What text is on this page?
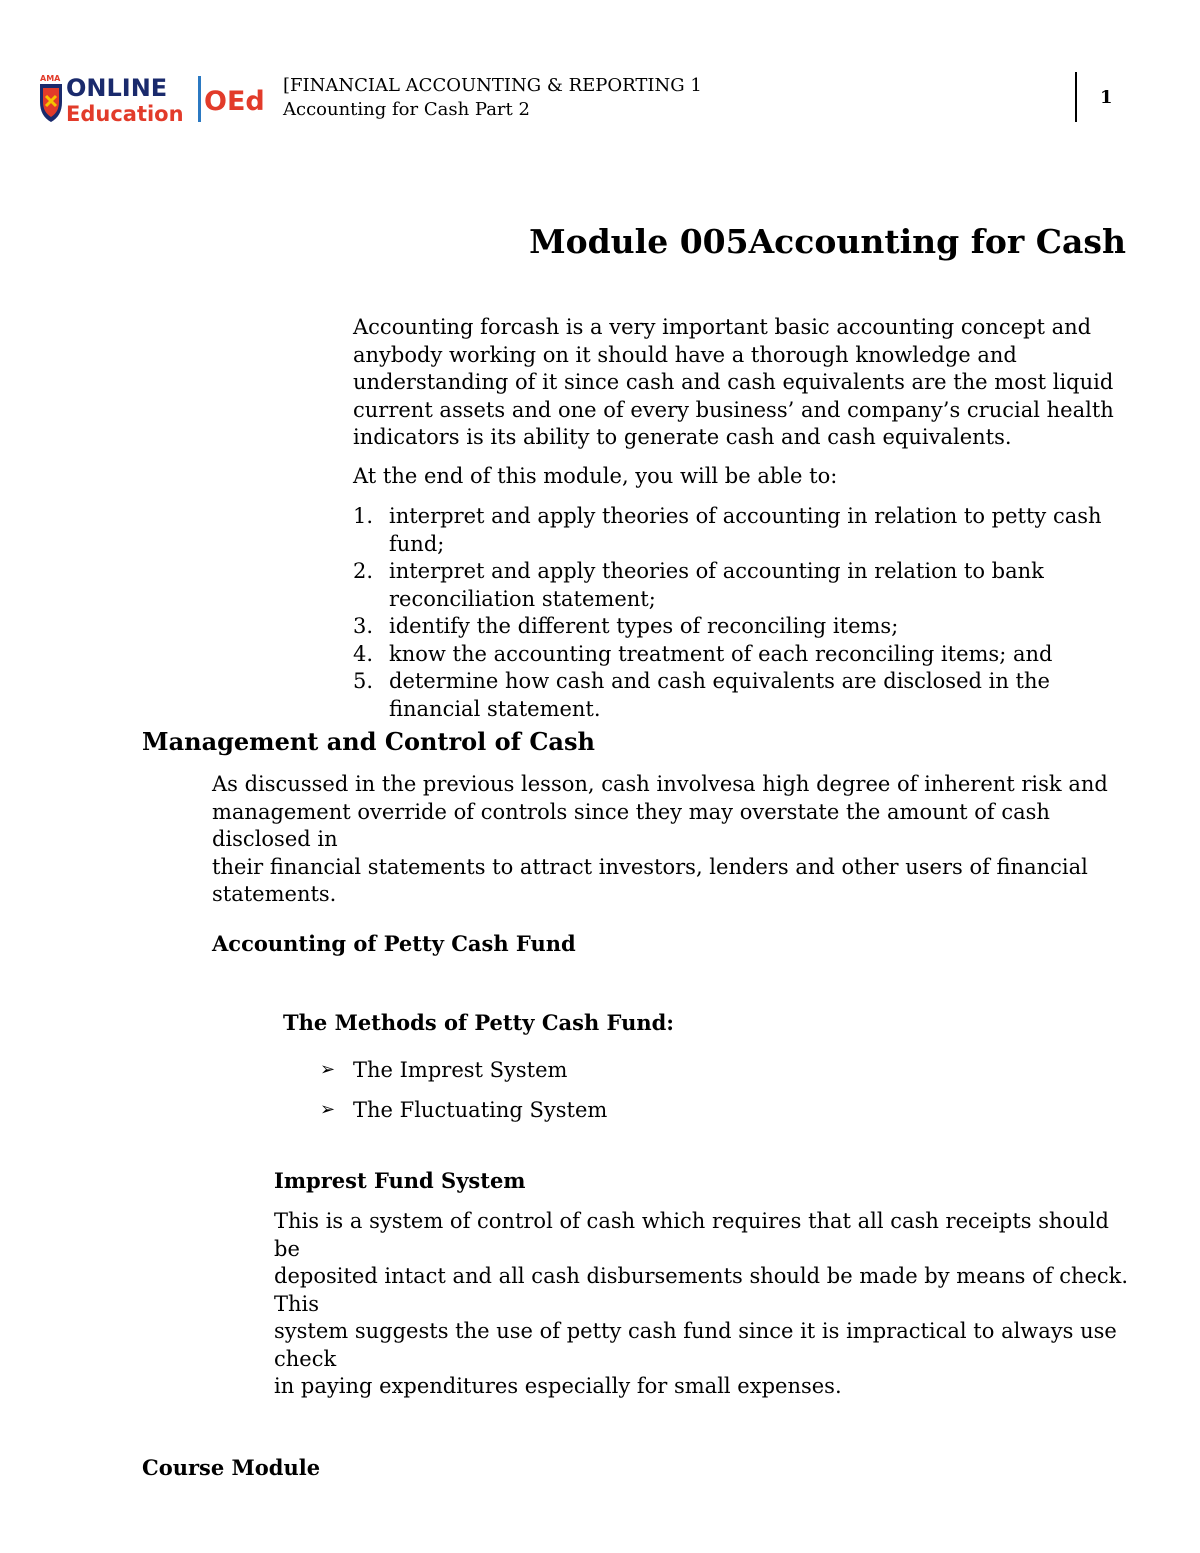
AMA ONLINE
Education OEd
[FINANCIAL ACCOUNTING & REPORTING 1
Accounting for Cash Part 2
1
Module 005Accounting for Cash

Accounting forcash is a very important basic accounting concept and

anybody working on it should have a thorough knowledge and

understanding of it since cash and cash equivalents are the most liquid

current assets and one of every business’ and company’s crucial health

indicators is its ability to generate cash and cash equivalents.

At the end of this module, you will be able to:
1. interpret and apply theories of accounting in relation to petty cash fund;
2. interpret and apply theories of accounting in relation to bank reconciliation statement;
3. identify the different types of reconciling items;
4. know the accounting treatment of each reconciling items; and
5. determine how cash and cash equivalents are disclosed in the financial statement.
Management and Control of Cash
As discussed in the previous lesson, cash involvesa high degree of inherent risk and
management override of controls since they may overstate the amount of cash disclosed in
their financial statements to attract investors, lenders and other users of financial
statements.
Accounting of Petty Cash Fund
The Methods of Petty Cash Fund:
➢ The Imprest System
➢ The Fluctuating System
Imprest Fund System
This is a system of control of cash which requires that all cash receipts should be
deposited intact and all cash disbursements should be made by means of check. This
system suggests the use of petty cash fund since it is impractical to always use check
in paying expenditures especially for small expenses.
Course Module
